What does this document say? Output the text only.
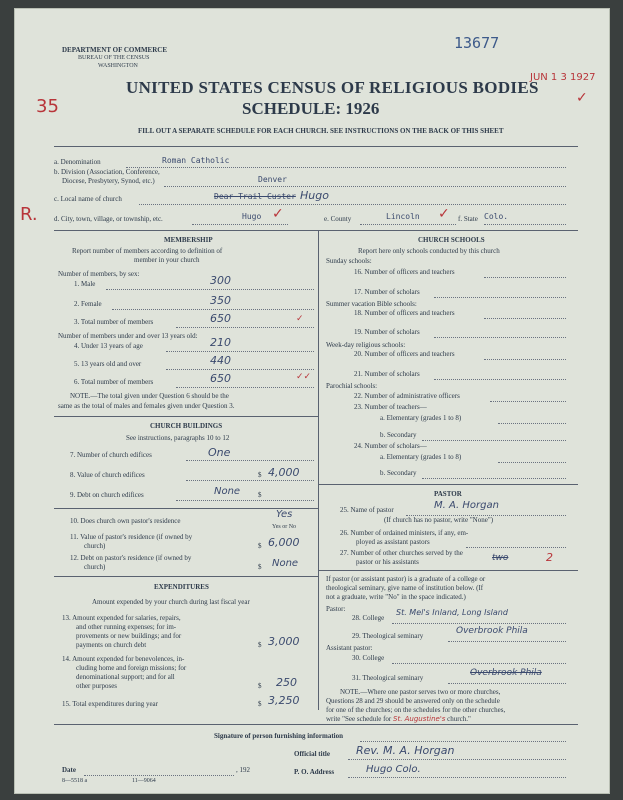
DEPARTMENT OF COMMERCE
BUREAU OF THE CENSUS
WASHINGTON
13677
JUN 1 3 1927
✓
35
UNITED STATES CENSUS OF RELIGIOUS BODIES
SCHEDULE: 1926
FILL OUT A SEPARATE SCHEDULE FOR EACH CHURCH. SEE INSTRUCTIONS ON THE BACK OF THIS SHEET
a. Denomination	Roman Catholic
b. Division (Association, Conference,
Diocese, Presbytery, Synod, etc.)	Denver
c. Local name of church	Dear Trail Custer Hugo
R. d. City, town, village, or township, etc.	Hugo ✓	e. County	Lincoln ✓ f. State Colo.
MEMBERSHIP
Report number of members according to definition of
member in your church
Number of members, by sex:
1. Male	300
2. Female	350
3. Total number of members	650	✓
Number of members under and over 13 years old:
4. Under 13 years of age	210
5. 13 years old and over	440
6. Total number of members	650	✓✓
NOTE.—The total given under Question 6 should be the
same as the total of males and females given under Question 3.
CHURCH BUILDINGS
See instructions, paragraphs 10 to 12
7. Number of church edifices	One
8. Value of church edifices	$ 4,000
9. Debt on church edifices	$
None
10. Does church own pastor's residence
Yes
Yes or No
11. Value of pastor's residence (if owned by
church)	$ 6,000
12. Debt on pastor's residence (if owned by
church)	$ None
EXPENDITURES
Amount expended by your church during last fiscal year
13. Amount expended for salaries, repairs,
and other running expenses; for im-
provements or new buildings; and for
payments on church debt	$ 3,000
14. Amount expended for benevolences, in-
cluding home and foreign missions; for
denominational support; and for all
other purposes	$ 250
15. Total expenditures during year	$ 3,250
CHURCH SCHOOLS
Report here only schools conducted by this church
Sunday schools:
16. Number of officers and teachers
17. Number of scholars
Summer vacation Bible schools:
18. Number of officers and teachers
19. Number of scholars
Week-day religious schools:
20. Number of officers and teachers
21. Number of scholars
Parochial schools:
22. Number of administrative officers
23. Number of teachers—
a. Elementary (grades 1 to 8)
b. Secondary
24. Number of scholars—
a. Elementary (grades 1 to 8)
b. Secondary
PASTOR
25. Name of pastor	M. A. Horgan
(If church has no pastor, write "None")
26. Number of ordained ministers, if any, em-
ployed as assistant pastors
27. Number of other churches served by the
pastor or his assistants	two	2
If pastor (or assistant pastor) is a graduate of a college or
theological seminary, give name of institution below. (If
not a graduate, write "No" in the space indicated.)
Pastor:
28. College
St. Mel's Inland, Long Island
29. Theological seminary	Overbrook Phila
Assistant pastor:
30. College
31. Theological seminary	Overbrook Phila
NOTE.—Where one pastor serves two or more churches,
Questions 28 and 29 should be answered only on the schedule
for one of the churches; on the schedules for the other churches,
write "See schedule for St. Augustine's church."
Signature of person furnishing information
Official title Rev. M. A. Horgan
Date	, 192
8—5518 a	11—9064
P. O. Address	Hugo Colo.
